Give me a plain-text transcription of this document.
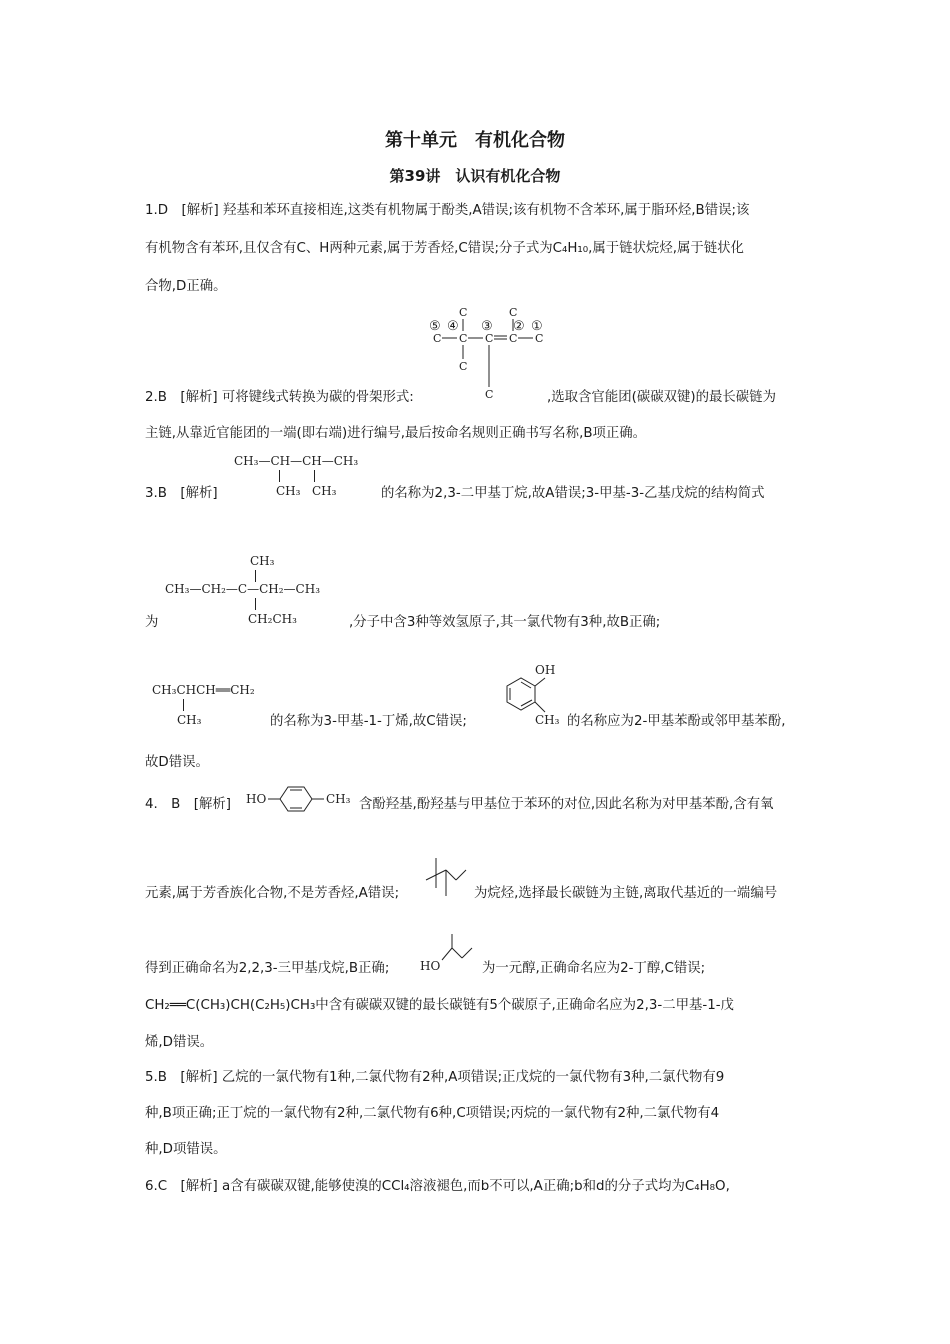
第十单元　有机化合物
第39讲　认识有机化合物
1.D　[解析] 羟基和苯环直接相连,这类有机物属于酚类,A错误;该有机物不含苯环,属于脂环烃,B错误;该
有机物含有苯环,且仅含有C、H两种元素,属于芳香烃,C错误;分子式为C₄H₁₀,属于链状烷烃,属于链状化
合物,D正确。
C	C
⑤ ④ ③ ② ①
C C C C C
C
C
2.B　[解析] 可将键线式转换为碳的骨架形式:	,选取含官能团(碳碳双键)的最长碳链为
主链,从靠近官能团的一端(即右端)进行编号,最后按命名规则正确书写名称,B项正确。
CH₃—CH—CH—CH₃
CH₃ CH₃
3.B　[解析]	的名称为2,3-二甲基丁烷,故A错误;3-甲基-3-乙基戊烷的结构简式
CH₃
CH₃—CH₂—C—CH₂—CH₃
CH₂CH₃
为	,分子中含3种等效氢原子,其一氯代物有3种,故B正确;
CH₃CHCH══CH₂
CH₃
OH
CH₃
的名称为3-甲基-1-丁烯,故C错误;	的名称应为2-甲基苯酚或邻甲基苯酚,
故D错误。
4.　B　[解析] HO	CH₃ 含酚羟基,酚羟基与甲基位于苯环的对位,因此名称为对甲基苯酚,含有氧
元素,属于芳香族化合物,不是芳香烃,A错误;	为烷烃,选择最长碳链为主链,离取代基近的一端编号
得到正确命名为2,2,3-三甲基戊烷,B正确;	HO	为一元醇,正确命名应为2-丁醇,C错误;
CH₂══C(CH₃)CH(C₂H₅)CH₃中含有碳碳双键的最长碳链有5个碳原子,正确命名应为2,3-二甲基-1-戊
烯,D错误。
5.B　[解析] 乙烷的一氯代物有1种,二氯代物有2种,A项错误;正戊烷的一氯代物有3种,二氯代物有9
种,B项正确;正丁烷的一氯代物有2种,二氯代物有6种,C项错误;丙烷的一氯代物有2种,二氯代物有4
种,D项错误。
6.C　[解析] a含有碳碳双键,能够使溴的CCl₄溶液褪色,而b不可以,A正确;b和d的分子式均为C₄H₈O,
